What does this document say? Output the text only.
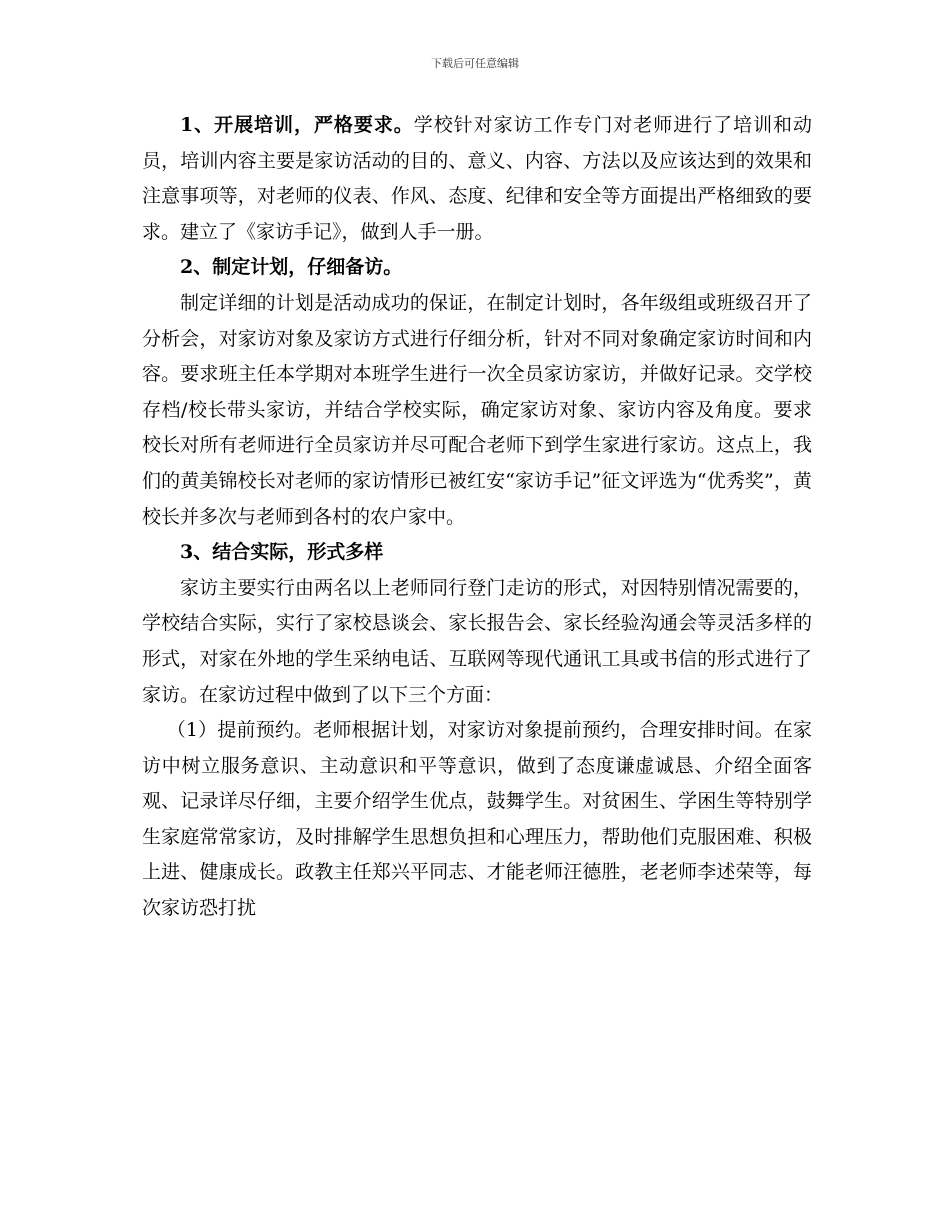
下载后可任意编辑

1、开展培训，严格要求。学校针对家访工作专门对老师进行了培训和动员，培训内容主要是家访活动的目的、意义、内容、方法以及应该达到的效果和注意事项等，对老师的仪表、作风、态度、纪律和安全等方面提出严格细致的要求。建立了《家访手记》，做到人手一册。

2、制定计划，仔细备访。

制定详细的计划是活动成功的保证，在制定计划时，各年级组或班级召开了分析会，对家访对象及家访方式进行仔细分析，针对不同对象确定家访时间和内容。要求班主任本学期对本班学生进行一次全员家访家访，并做好记录。交学校存档/校长带头家访，并结合学校实际，确定家访对象、家访内容及角度。要求校长对所有老师进行全员家访并尽可配合老师下到学生家进行家访。这点上，我们的黄美锦校长对老师的家访情形已被红安“家访手记”征文评选为“优秀奖”，黄校长并多次与老师到各村的农户家中。

3、结合实际，形式多样

家访主要实行由两名以上老师同行登门走访的形式，对因特别情况需要的，学校结合实际，实行了家校恳谈会、家长报告会、家长经验沟通会等灵活多样的形式，对家在外地的学生采纳电话、互联网等现代通讯工具或书信的形式进行了家访。在家访过程中做到了以下三个方面：

（1）提前预约。老师根据计划，对家访对象提前预约，合理安排时间。在家访中树立服务意识、主动意识和平等意识，做到了态度谦虚诚恳、介绍全面客观、记录详尽仔细，主要介绍学生优点，鼓舞学生。对贫困生、学困生等特别学生家庭常常家访，及时排解学生思想负担和心理压力，帮助他们克服困难、积极上进、健康成长。政教主任郑兴平同志、才能老师汪德胜，老老师李述荣等，每次家访恐打扰
